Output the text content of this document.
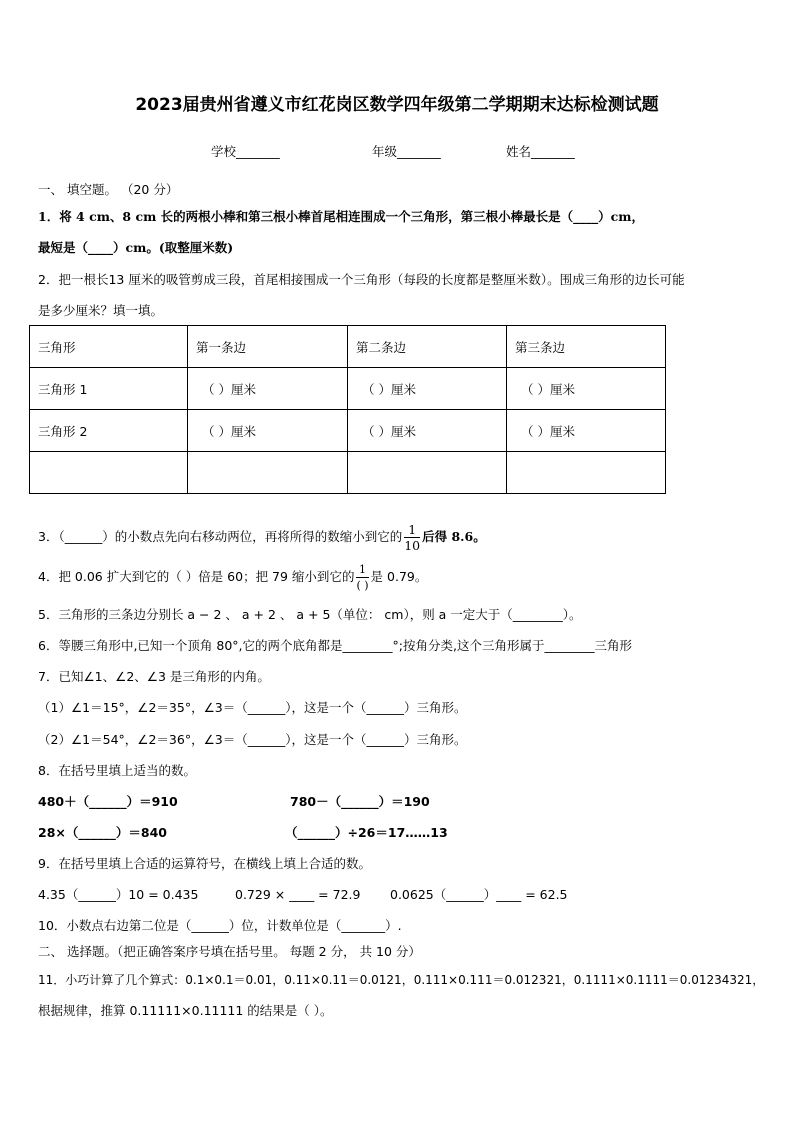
2023届贵州省遵义市红花岗区数学四年级第二学期期末达标检测试题
学校_______	年级_______	姓名_______
一、 填空题。 （20 分）
1．将 4 cm、8 cm 长的两根小棒和第三根小棒首尾相连围成一个三角形，第三根小棒最长是（____）cm，
最短是（____）cm。(取整厘米数)
2．把一根长13 厘米的吸管剪成三段，首尾相接围成一个三角形（每段的长度都是整厘米数）。围成三角形的边长可能
是多少厘米？填一填。
三角形	第一条边	第二条边	第三条边
三角形 1	（ ）厘米	（ ）厘米	（ ）厘米
三角形 2	（ ）厘米	（ ）厘米	（ ）厘米

3．（______）的小数点先向右移动两位，再将所得的数缩小到它的 $\frac{1}{10}$ 后得 8.6。
4．把 0.06 扩大到它的（ ）倍是 60；把 79 缩小到它的 $\frac{1}{( )}$ 是 0.79。
5．三角形的三条边分别长 a − 2 、 a + 2 、 a + 5（单位： cm），则 a 一定大于（________）。
6．等腰三角形中,已知一个顶角 80°,它的两个底角都是________°;按角分类,这个三角形属于________三角形
7．已知∠1、∠2、∠3 是三角形的内角。
（1）∠1＝15°，∠2＝35°，∠3＝（______），这是一个（______）三角形。
（2）∠1＝54°，∠2＝36°，∠3＝（______），这是一个（______）三角形。
8．在括号里填上适当的数。
480＋（______）＝910	780－（______）＝190
28×（______）＝840	（______）÷26＝17……13
9．在括号里填上合适的运算符号，在横线上填上合适的数。
4.35（______）10 = 0.435	0.729 × ____ = 72.9 0.0625（______）____ = 62.5
10．小数点右边第二位是（______）位，计数单位是（_______）.
二、 选择题。（把正确答案序号填在括号里。 每题 2 分， 共 10 分）
11．小巧计算了几个算式：0.1×0.1＝0.01，0.11×0.11＝0.0121，0.111×0.111＝0.012321，0.1111×0.1111＝0.01234321，
根据规律，推算 0.11111×0.11111 的结果是（ ）。
